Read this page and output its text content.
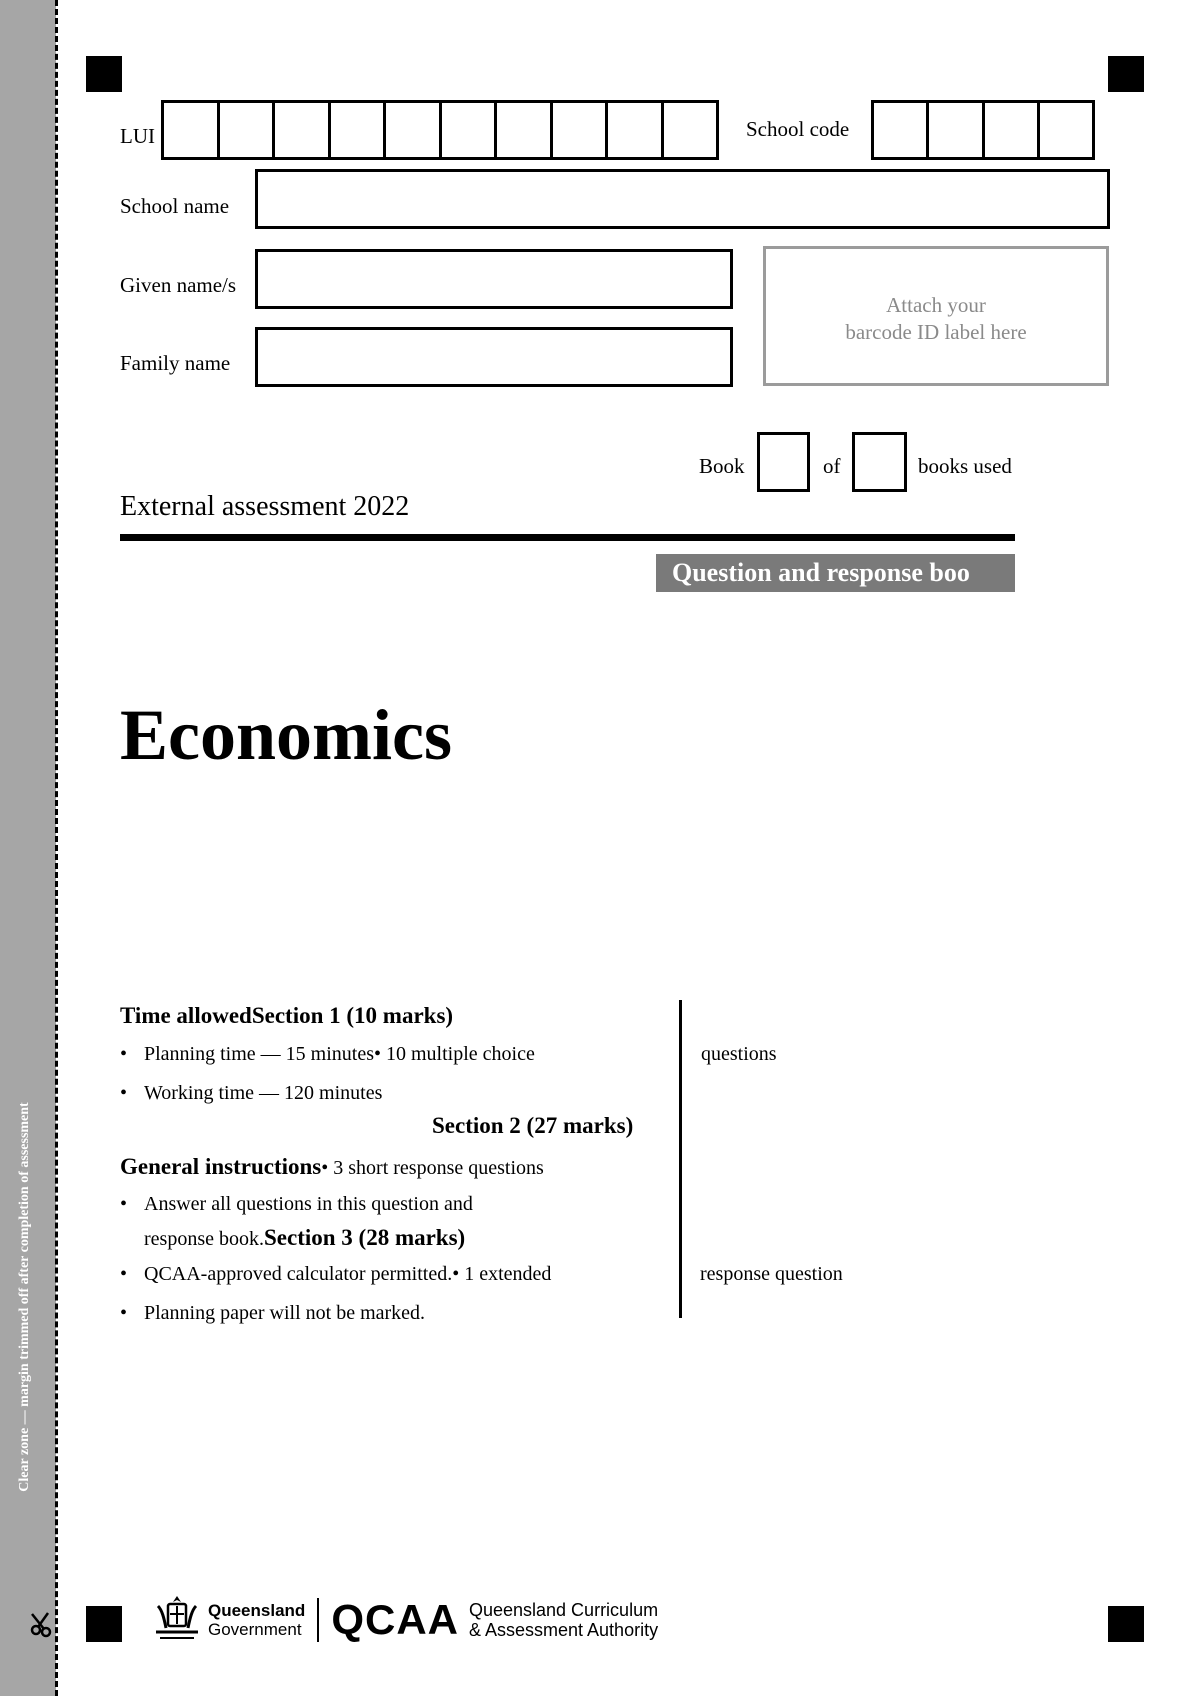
Clear zone — margin trimmed off after completion of assessment
LUI	School code
School name
Given name/s
Family name
Attach your
barcode ID label here
Book	of	books used
External assessment 2022
Question and response boo
Economics
Time allowedSection 1 (10 marks)
• Planning time — 15 minutes• 10 multiple choice	questions
• Working time — 120 minutes
Section 2 (27 marks)
General instructions• 3 short response questions
• Answer all questions in this question and
response book.Section 3 (28 marks)
• QCAA-approved calculator permitted.• 1 extended	response question
• Planning paper will not be marked.
Queensland
Government QCAA Queensland Curriculum
& Assessment Authority
